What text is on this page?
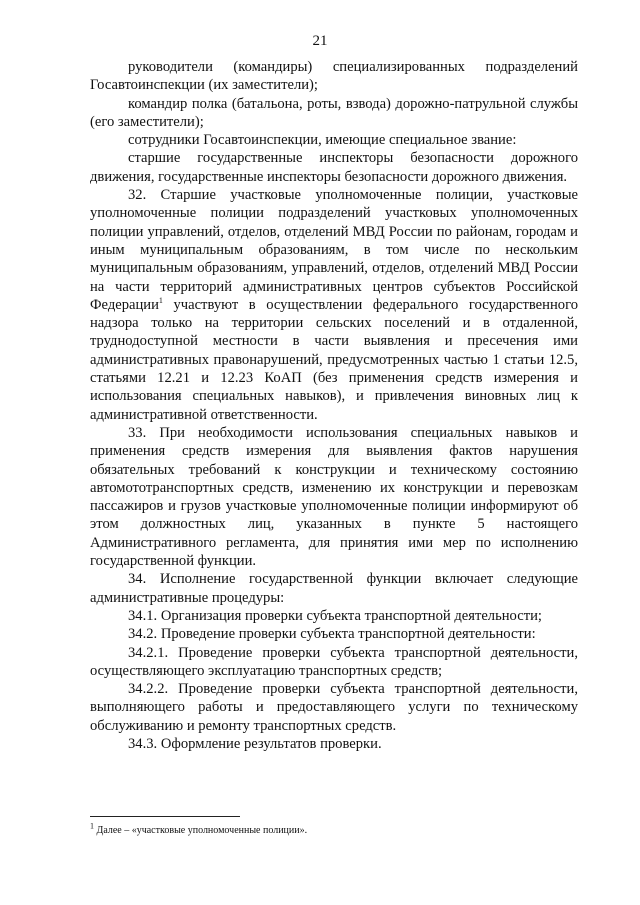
21

руководители (командиры) специализированных подразделений Госавтоинспекции (их заместители);

командир полка (батальона, роты, взвода) дорожно-патрульной службы (его заместители);

сотрудники Госавтоинспекции, имеющие специальное звание:

старшие государственные инспекторы безопасности дорожного движения, государственные инспекторы безопасности дорожного движения.

32. Старшие участковые уполномоченные полиции, участковые уполномоченные полиции подразделений участковых уполномоченных полиции управлений, отделов, отделений МВД России по районам, городам и иным муниципальным образованиям, в том числе по нескольким муниципальным образованиям, управлений, отделов, отделений МВД России на части территорий административных центров субъектов Российской Федерации$^1$ участвуют в осуществлении федерального государственного надзора только на территории сельских поселений и в отдаленной, труднодоступной местности в части выявления и пресечения ими административных правонарушений, предусмотренных частью 1 статьи 12.5, статьями 12.21 и 12.23 КоАП (без применения средств измерения и использования специальных навыков), и привлечения виновных лиц к административной ответственности.

33. При необходимости использования специальных навыков и применения средств измерения для выявления фактов нарушения обязательных требований к конструкции и техническому состоянию автомототранспортных средств, изменению их конструкции и перевозкам пассажиров и грузов участковые уполномоченные полиции информируют об этом должностных лиц, указанных в пункте 5 настоящего Административного регламента, для принятия ими мер по исполнению государственной функции.

34. Исполнение государственной функции включает следующие административные процедуры:

34.1. Организация проверки субъекта транспортной деятельности;

34.2. Проведение проверки субъекта транспортной деятельности:

34.2.1. Проведение проверки субъекта транспортной деятельности, осуществляющего эксплуатацию транспортных средств;

34.2.2. Проведение проверки субъекта транспортной деятельности, выполняющего работы и предоставляющего услуги по техническому обслуживанию и ремонту транспортных средств.

34.3. Оформление результатов проверки.

$^1$ Далее – «участковые уполномоченные полиции».
